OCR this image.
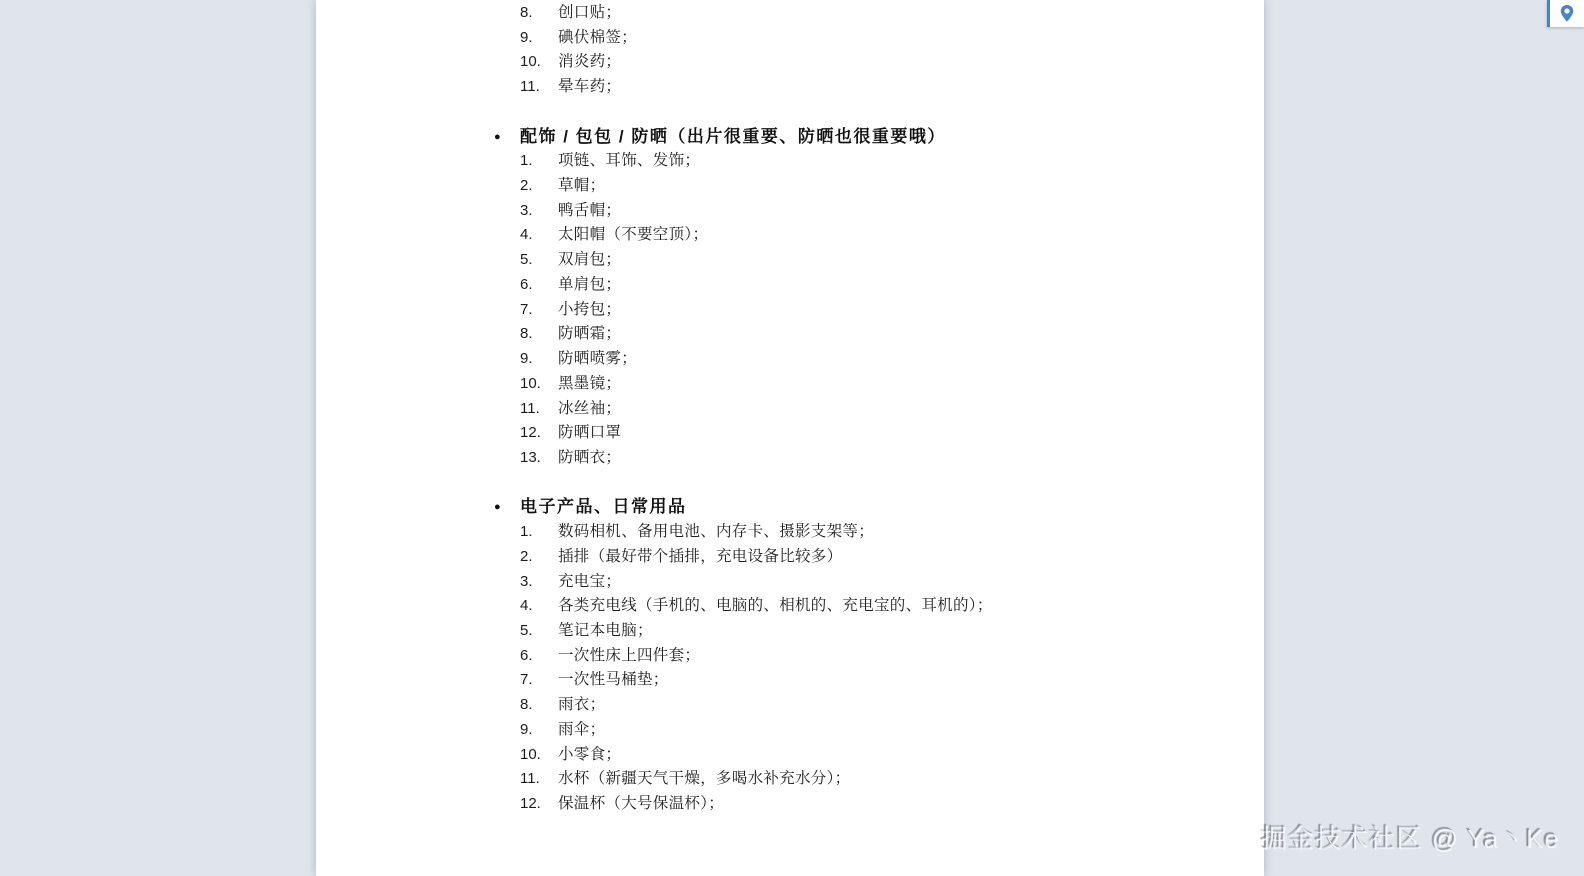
8.	创口贴；
9.	碘伏棉签；
10.	消炎药；
11.	晕车药；
●	配饰 / 包包 / 防晒（出片很重要、防晒也很重要哦）
1.	项链、耳饰、发饰；
2.	草帽；
3.	鸭舌帽；
4.	太阳帽（不要空顶）；
5.	双肩包；
6.	单肩包；
7.	小挎包；
8.	防晒霜；
9.	防晒喷雾；
10.	黑墨镜；
11.	冰丝袖；
12.	防晒口罩
13.	防晒衣；
●	电子产品、日常用品
1.	数码相机、备用电池、内存卡、摄影支架等；
2.	插排（最好带个插排，充电设备比较多）
3.	充电宝；
4.	各类充电线（手机的、电脑的、相机的、充电宝的、耳机的）；
5.	笔记本电脑；
6.	一次性床上四件套；
7.	一次性马桶垫；
8.	雨衣；
9.	雨伞；
10.	小零食；
11.	水杯（新疆天气干燥，多喝水补充水分）；
12.	保温杯（大号保温杯）；
掘金技术社区 @ Ya丶Ke
